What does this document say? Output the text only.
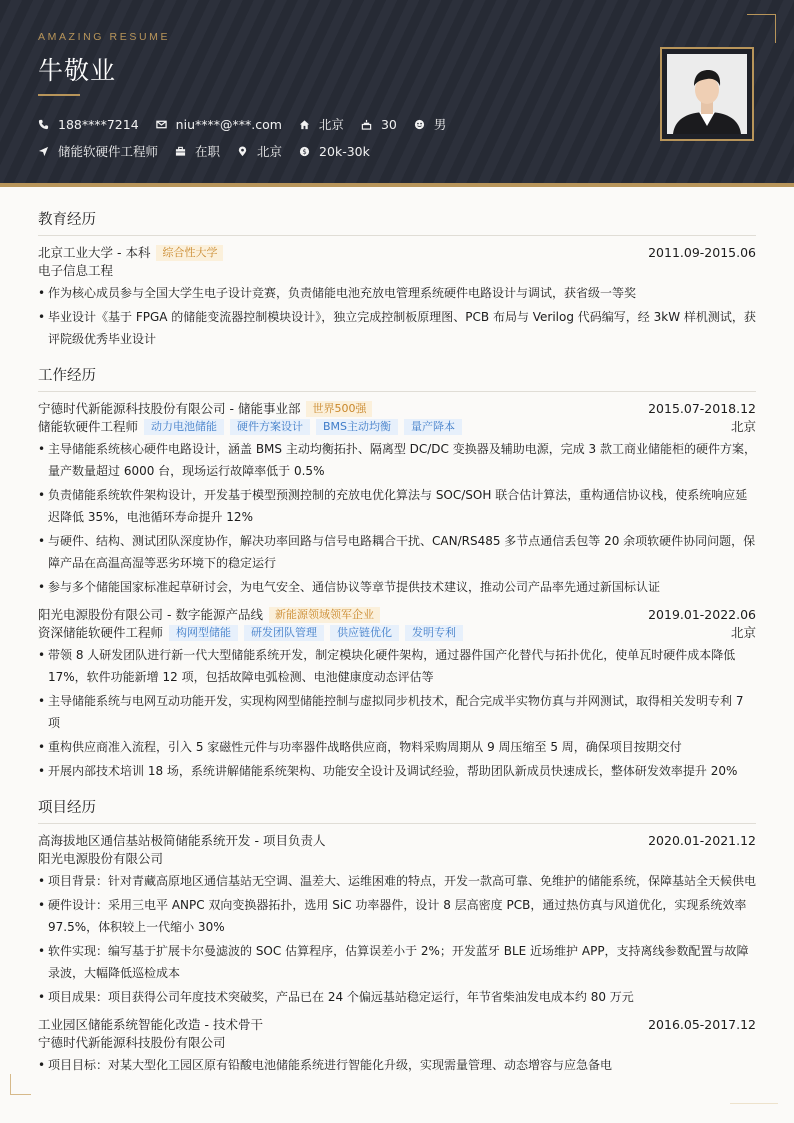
AMAZING RESUME
牛敬业
188****7214	niu****@***.com	北京	30	男
储能软硬件工程师	在职	北京	$ 20k-30k
教育经历
北京工业大学 - 本科	综合性大学	2011.09-2015.06
电子信息工程
• 作为核心成员参与全国大学生电子设计竞赛，负责储能电池充放电管理系统硬件电路设计与调试，获省级一等奖
• 毕业设计《基于 FPGA 的储能变流器控制模块设计》，独立完成控制板原理图、PCB 布局与 Verilog 代码编写，经 3kW 样机测试，获评院级优秀毕业设计
工作经历
宁德时代新能源科技股份有限公司 - 储能事业部	世界500强	2015.07-2018.12
储能软硬件工程师	动力电池储能	硬件方案设计	BMS主动均衡	量产降本	北京
• 主导储能系统核心硬件电路设计，涵盖 BMS 主动均衡拓扑、隔离型 DC/DC 变换器及辅助电源，完成 3 款工商业储能柜的硬件方案，量产数量超过 6000 台，现场运行故障率低于 0.5%
• 负责储能系统软件架构设计，开发基于模型预测控制的充放电优化算法与 SOC/SOH 联合估计算法，重构通信协议栈，使系统响应延迟降低 35%，电池循环寿命提升 12%
• 与硬件、结构、测试团队深度协作，解决功率回路与信号电路耦合干扰、CAN/RS485 多节点通信丢包等 20 余项软硬件协同问题，保障产品在高温高湿等恶劣环境下的稳定运行
• 参与多个储能国家标准起草研讨会，为电气安全、通信协议等章节提供技术建议，推动公司产品率先通过新国标认证
阳光电源股份有限公司 - 数字能源产品线	新能源领域领军企业	2019.01-2022.06
资深储能软硬件工程师	构网型储能	研发团队管理	供应链优化	发明专利	北京
• 带领 8 人研发团队进行新一代大型储能系统开发，制定模块化硬件架构，通过器件国产化替代与拓扑优化，使单瓦时硬件成本降低 17%，软件功能新增 12 项，包括故障电弧检测、电池健康度动态评估等
• 主导储能系统与电网互动功能开发，实现构网型储能控制与虚拟同步机技术，配合完成半实物仿真与并网测试，取得相关发明专利 7 项
• 重构供应商准入流程，引入 5 家磁性元件与功率器件战略供应商，物料采购周期从 9 周压缩至 5 周，确保项目按期交付
• 开展内部技术培训 18 场，系统讲解储能系统架构、功能安全设计及调试经验，帮助团队新成员快速成长，整体研发效率提升 20%
项目经历
高海拔地区通信基站极简储能系统开发 - 项目负责人	2020.01-2021.12
阳光电源股份有限公司
• 项目背景：针对青藏高原地区通信基站无空调、温差大、运维困难的特点，开发一款高可靠、免维护的储能系统，保障基站全天候供电
• 硬件设计：采用三电平 ANPC 双向变换器拓扑，选用 SiC 功率器件，设计 8 层高密度 PCB，通过热仿真与风道优化，实现系统效率 97.5%，体积较上一代缩小 30%
• 软件实现：编写基于扩展卡尔曼滤波的 SOC 估算程序，估算误差小于 2%；开发蓝牙 BLE 近场维护 APP，支持离线参数配置与故障录波，大幅降低巡检成本
• 项目成果：项目获得公司年度技术突破奖，产品已在 24 个偏远基站稳定运行，年节省柴油发电成本约 80 万元
工业园区储能系统智能化改造 - 技术骨干	2016.05-2017.12
宁德时代新能源科技股份有限公司
• 项目目标：对某大型化工园区原有铅酸电池储能系统进行智能化升级，实现需量管理、动态增容与应急备电
